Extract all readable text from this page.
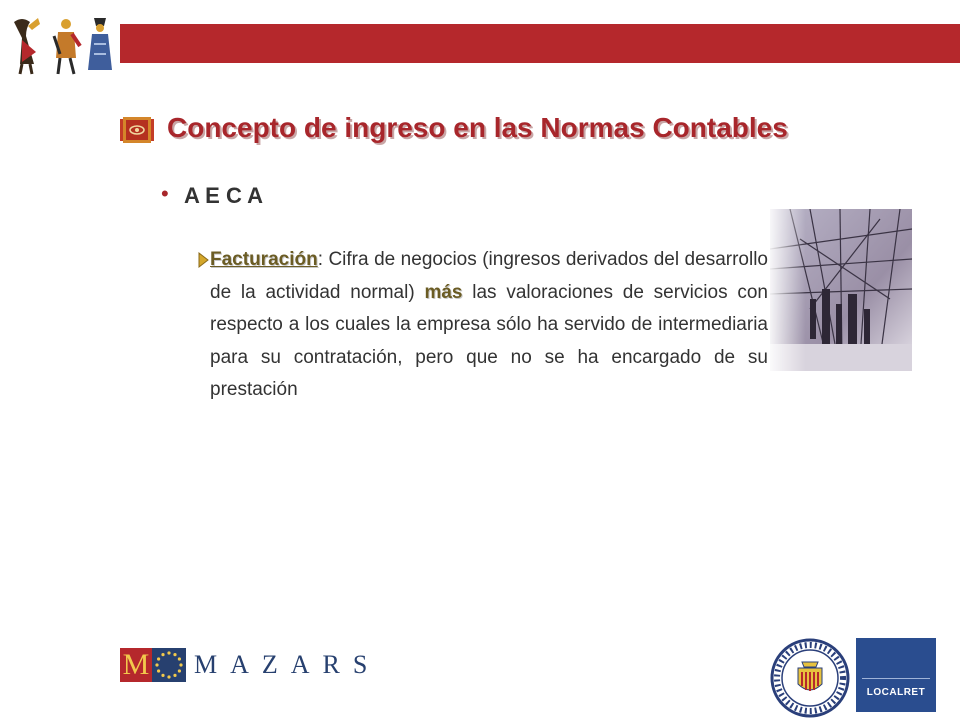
Concepto de ingreso en las Normas Contables
• A E C A
Facturación: Cifra de negocios (ingresos derivados del desarrollo de la actividad normal) más las valoraciones de servicios con respecto a los cuales la empresa sólo ha servido de intermediaria para su contratación, pero que no se ha encargado de su prestación
M MAZARS
LOCALRET
